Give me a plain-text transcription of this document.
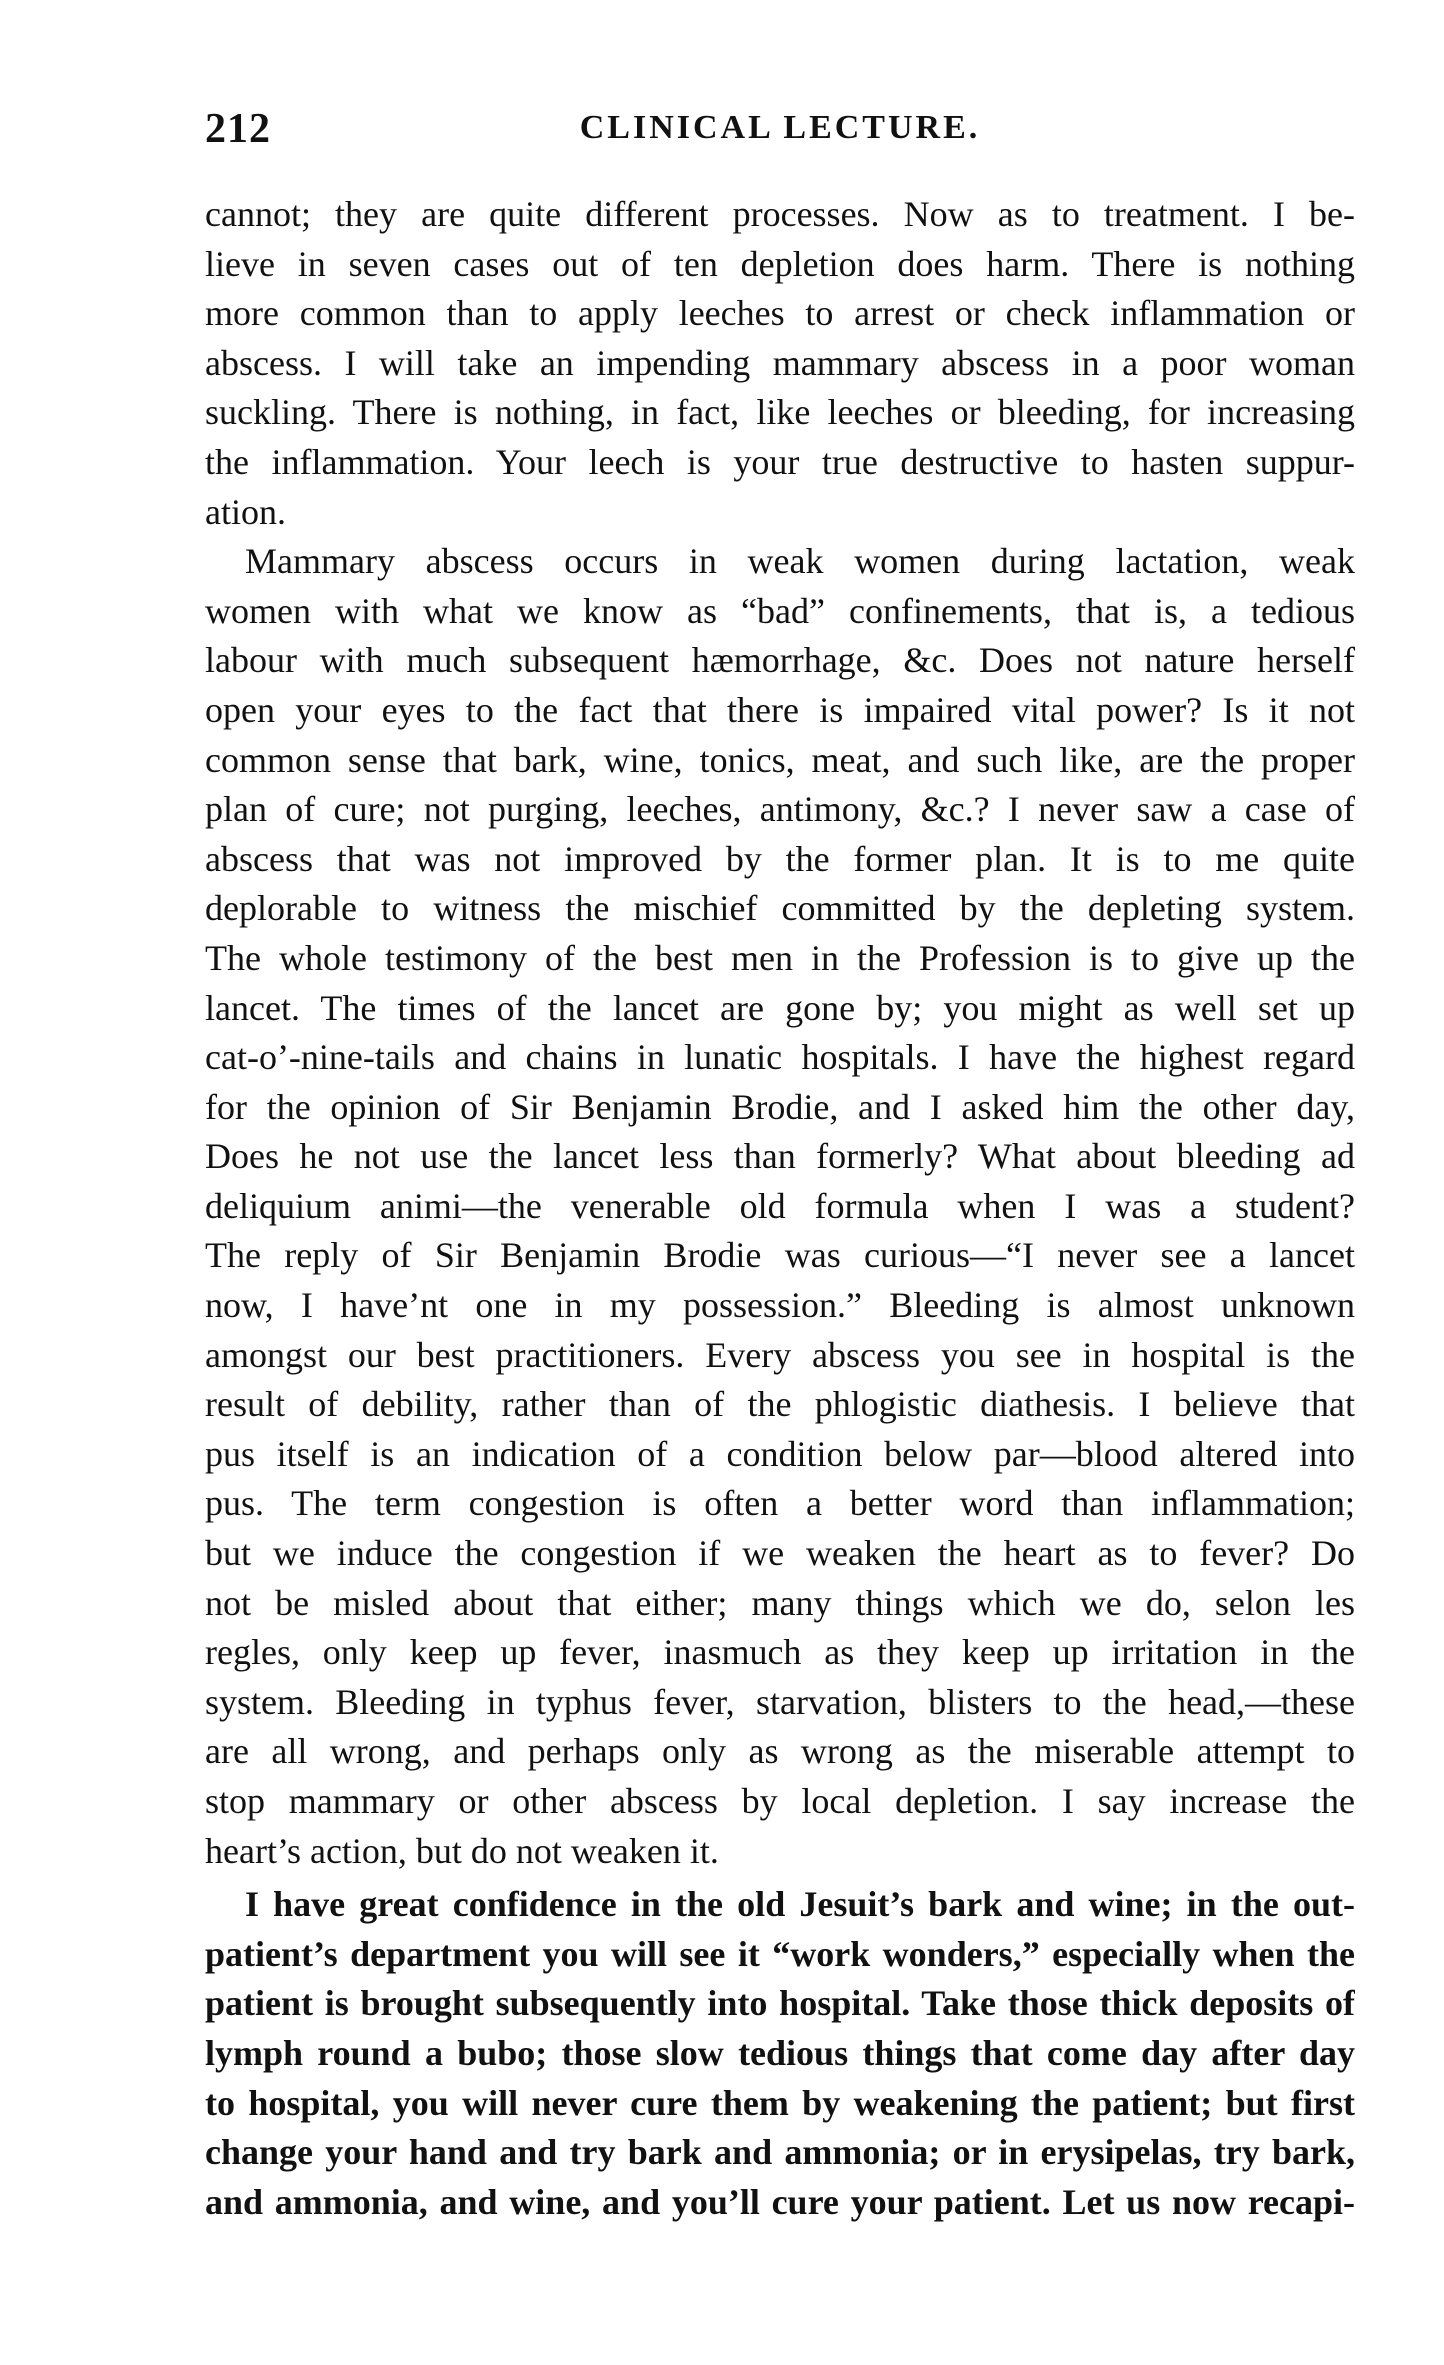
212	CLINICAL LECTURE.
cannot; they are quite different processes. Now as to treatment. I be-
lieve in seven cases out of ten depletion does harm. There is nothing
more common than to apply leeches to arrest or check inflammation or
abscess. I will take an impending mammary abscess in a poor woman
suckling. There is nothing, in fact, like leeches or bleeding, for increasing
the inflammation. Your leech is your true destructive to hasten suppur-
ation.
Mammary abscess occurs in weak women during lactation, weak
women with what we know as “bad” confinements, that is, a tedious
labour with much subsequent hæmorrhage, &c. Does not nature herself
open your eyes to the fact that there is impaired vital power? Is it not
common sense that bark, wine, tonics, meat, and such like, are the proper
plan of cure; not purging, leeches, antimony, &c.? I never saw a case of
abscess that was not improved by the former plan. It is to me quite
deplorable to witness the mischief committed by the depleting system.
The whole testimony of the best men in the Profession is to give up the
lancet. The times of the lancet are gone by; you might as well set up
cat-o’-nine-tails and chains in lunatic hospitals. I have the highest regard
for the opinion of Sir Benjamin Brodie, and I asked him the other day,
Does he not use the lancet less than formerly? What about bleeding ad
deliquium animi—the venerable old formula when I was a student?
The reply of Sir Benjamin Brodie was curious—“I never see a lancet
now, I have’nt one in my possession.” Bleeding is almost unknown
amongst our best practitioners. Every abscess you see in hospital is the
result of debility, rather than of the phlogistic diathesis. I believe that
pus itself is an indication of a condition below par—blood altered into
pus. The term congestion is often a better word than inflammation;
but we induce the congestion if we weaken the heart as to fever? Do
not be misled about that either; many things which we do, selon les
regles, only keep up fever, inasmuch as they keep up irritation in the
system. Bleeding in typhus fever, starvation, blisters to the head,—these
are all wrong, and perhaps only as wrong as the miserable attempt to
stop mammary or other abscess by local depletion. I say increase the
heart’s action, but do not weaken it.
I have great confidence in the old Jesuit’s bark and wine; in the out-
patient’s department you will see it “work wonders,” especially when the
patient is brought subsequently into hospital. Take those thick deposits of
lymph round a bubo; those slow tedious things that come day after day
to hospital, you will never cure them by weakening the patient; but first
change your hand and try bark and ammonia; or in erysipelas, try bark,
and ammonia, and wine, and you’ll cure your patient. Let us now recapi-
